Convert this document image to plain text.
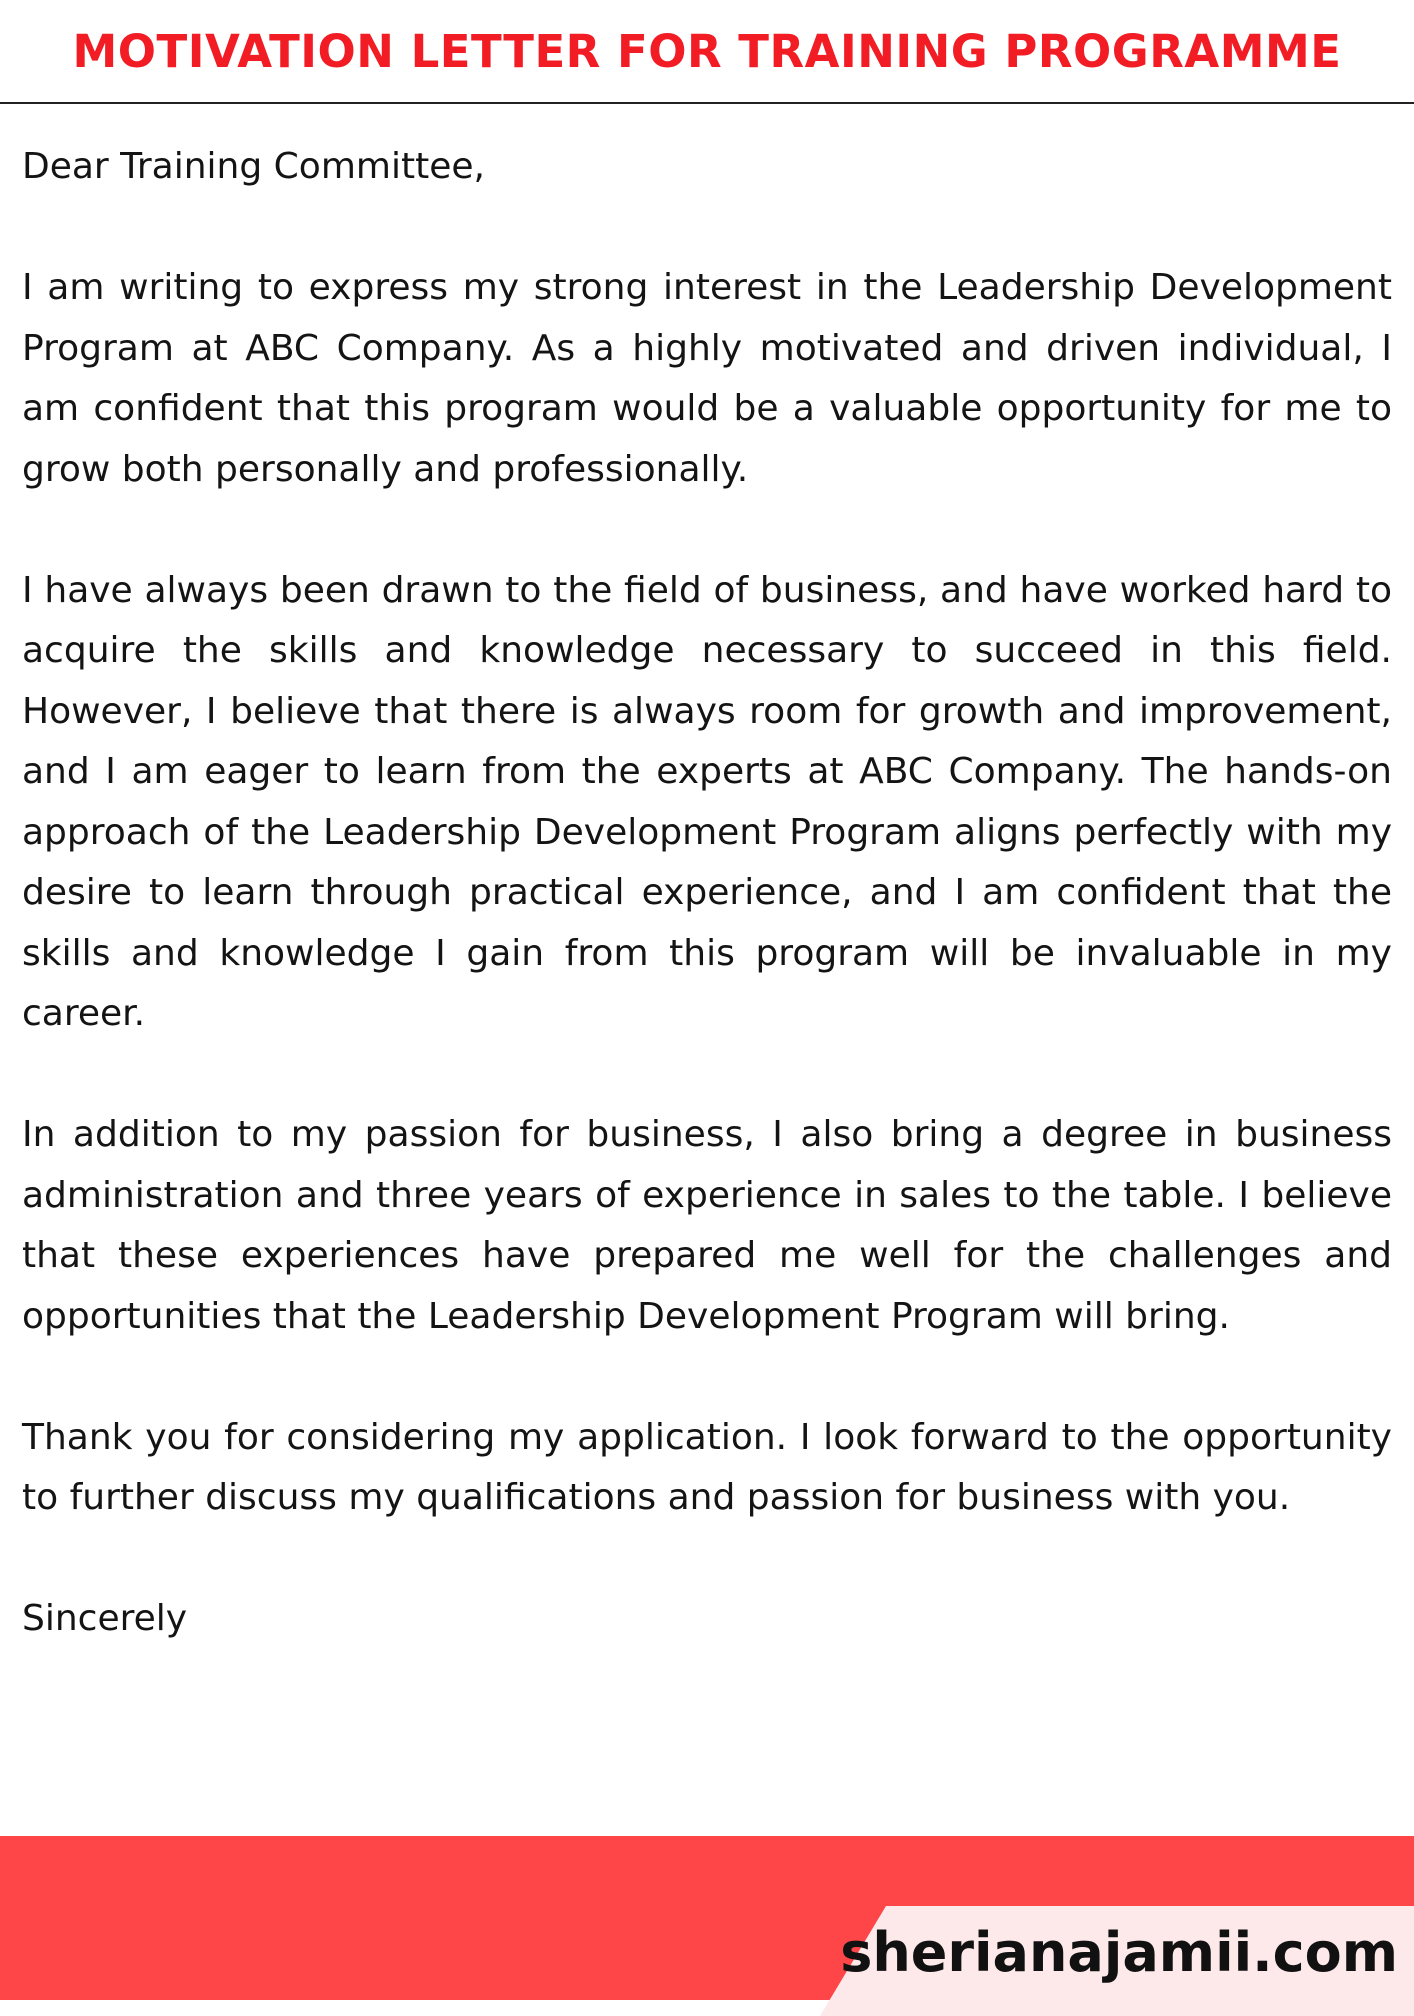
MOTIVATION LETTER FOR TRAINING PROGRAMME

Dear Training Committee,

I am writing to express my strong interest in the Leadership Development Program at ABC Company. As a highly motivated and driven individual, I am confident that this program would be a valuable opportunity for me to grow both personally and professionally.

I have always been drawn to the field of business, and have worked hard to acquire the skills and knowledge necessary to succeed in this field. However, I believe that there is always room for growth and improvement, and I am eager to learn from the experts at ABC Company. The hands-on approach of the Leadership Development Program aligns perfectly with my desire to learn through practical experience, and I am confident that the skills and knowledge I gain from this program will be invaluable in my career.

In addition to my passion for business, I also bring a degree in business administration and three years of experience in sales to the table. I believe that these experiences have prepared me well for the challenges and opportunities that the Leadership Development Program will bring.

Thank you for considering my application. I look forward to the opportunity to further discuss my qualifications and passion for business with you.

Sincerely

sherianajamii.com
